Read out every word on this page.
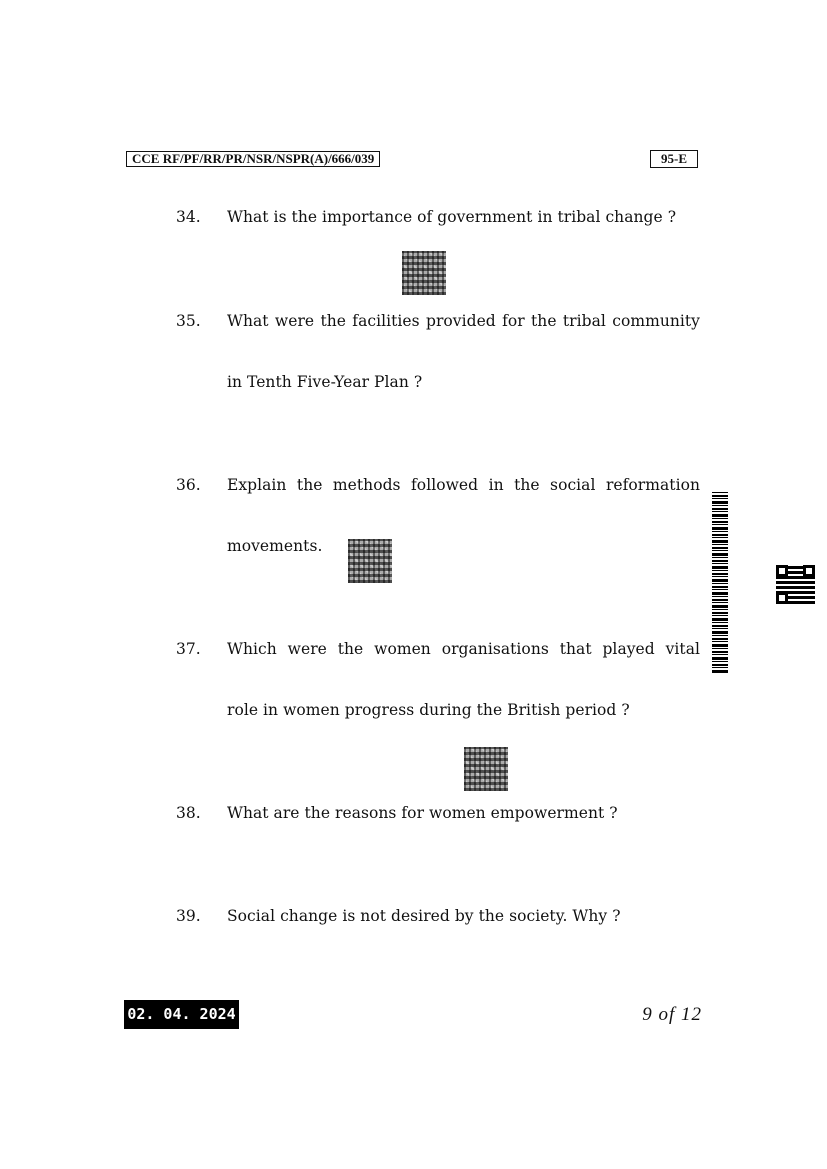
CCE RF/PF/RR/PR/NSR/NSPR(A)/666/039	95-E
34. What is the importance of government in tribal change ?
35. What were the facilities provided for the tribal community
in Tenth Five-Year Plan ?
36. Explain the methods followed in the social reformation
movements.
37. Which were the women organisations that played vital
role in women progress during the British period ?
38. What are the reasons for women empowerment ?
39. Social change is not desired by the society. Why ?
02. 04. 2024	9 of 12
